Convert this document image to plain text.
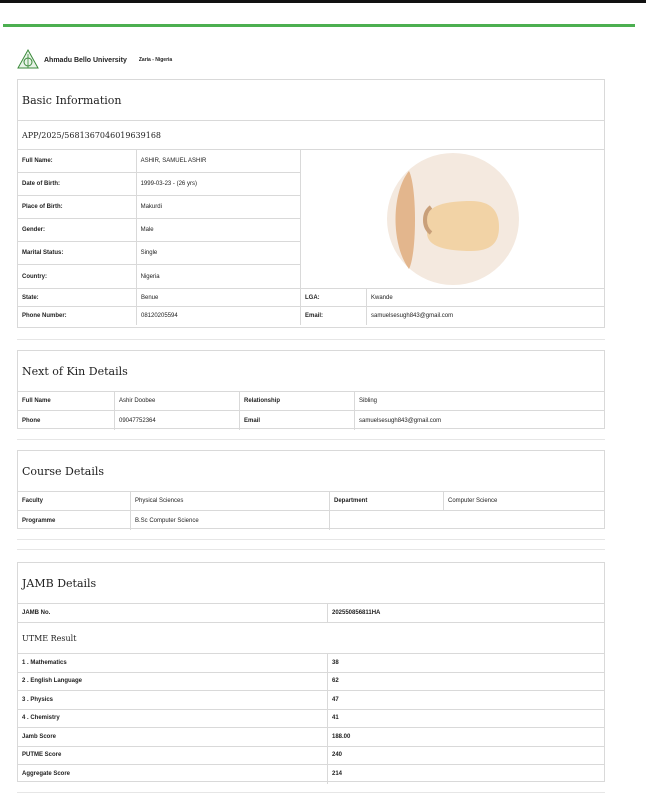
Ahmadu Bello University Zaria - Nigeria
Basic Information
APP/2025/5681367046019639168
Full Name:	ASHIR, SAMUEL ASHIR
Date of Birth:	1999-03-23 - (26 yrs)
Place of Birth:	Makurdi
Gender:	Male
Marital Status:	Single
Country:	Nigeria
State:	Benue	LGA:	Kwande
Phone Number:	08120205594	Email:	samuelsesugh843@gmail.com
Next of Kin Details
Full Name	Ashir Doobee	Relationship	Sibling
Phone	09047752364	Email	samuelsesugh843@gmail.com
Course Details
Faculty	Physical Sciences	Department	Computer Science
Programme	B.Sc Computer Science
JAMB Details
JAMB No.	202550856811HA
UTME Result
1 . Mathematics	38
2 . English Language	62
3 . Physics	47
4 . Chemistry	41
Jamb Score	188.00
PUTME Score	240
Aggregate Score	214
